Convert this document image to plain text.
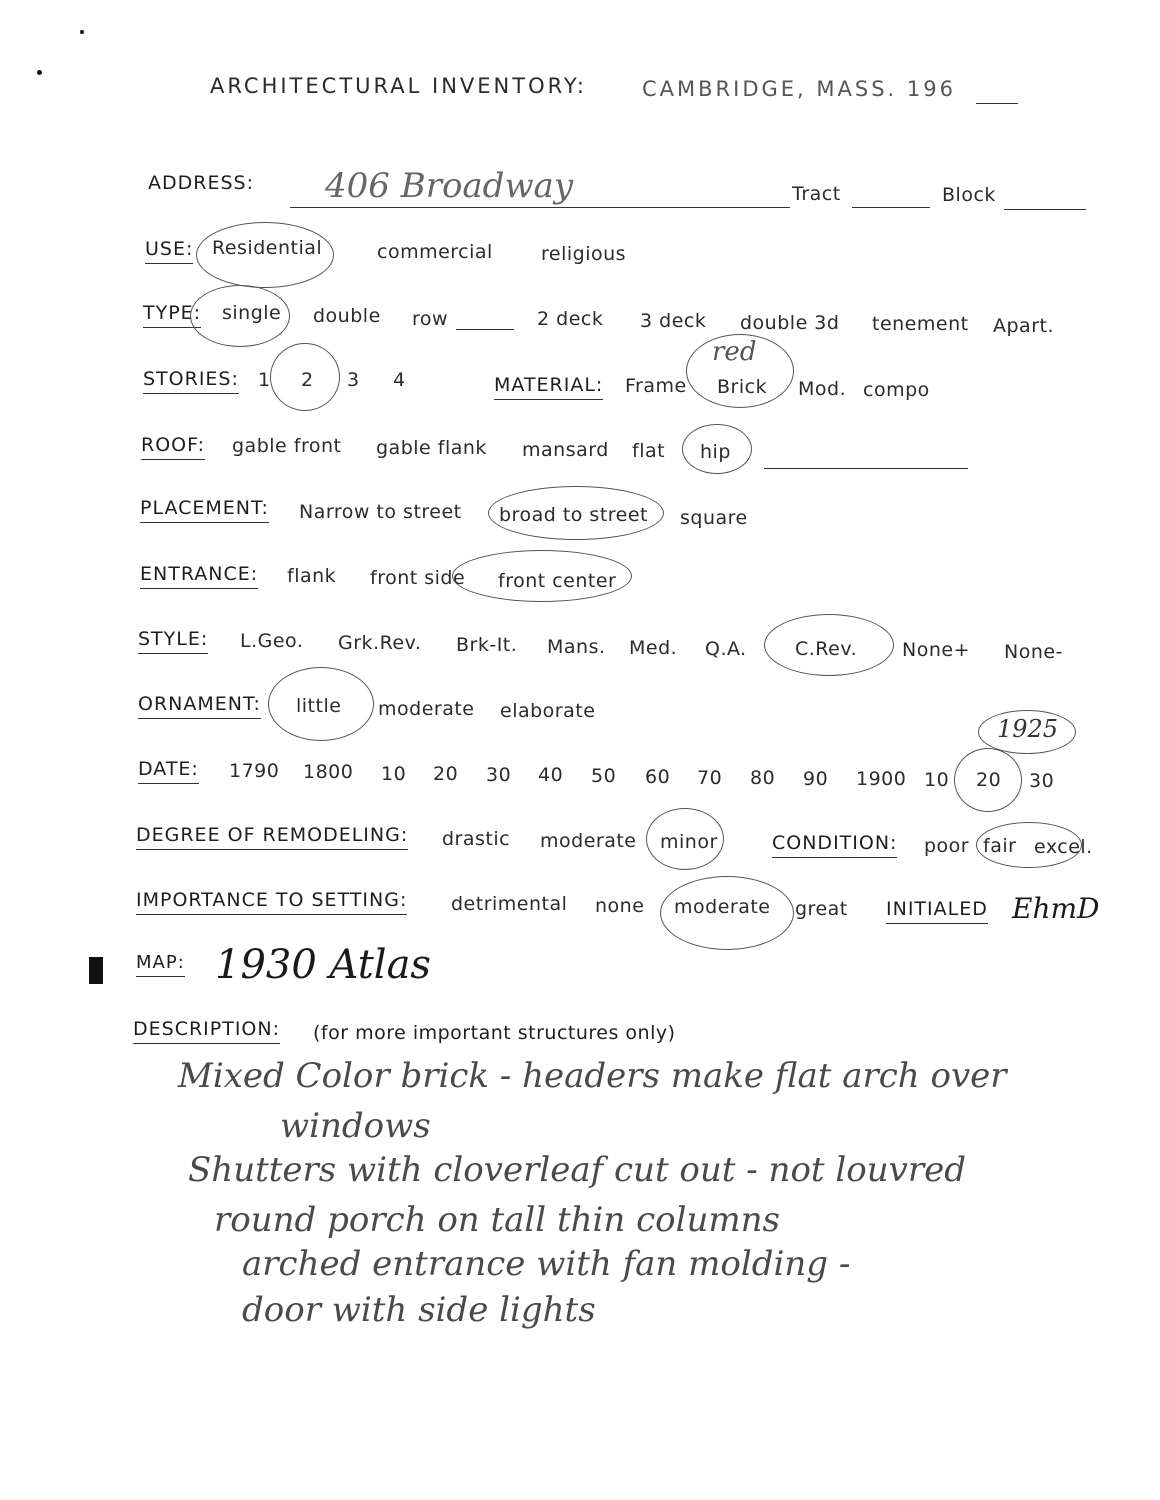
ARCHITECTURAL INVENTORY:	CAMBRIDGE, MASS. 196
ADDRESS: 406 Broadway	Tract	Block
USE: Residential	commercial	religious
TYPE: single double row	2 deck 3 deck double 3d tenement Apart.
STORIES: 1 2 3 4	MATERIAL: Frame Brick Mod. compo
red
ROOF: gable front gable flank mansard flat hip
PLACEMENT: Narrow to street broad to street square
ENTRANCE: flank front side front center
STYLE: L.Geo. Grk.Rev. Brk-It. Mans. Med. Q.A.	C.Rev. None+ None-
ORNAMENT: little moderate elaborate
DATE: 1790 1800 10 20 30 40 50 60 70 80 90 1900 10 20 30
1925
DEGREE OF REMODELING: drastic moderate minor	CONDITION: poor fair excel.
IMPORTANCE TO SETTING: detrimental none moderate great INITIALED EhmD
MAP: 1930 Atlas
DESCRIPTION: (for more important structures only)
Mixed Color brick - headers make flat arch over
windows
Shutters with cloverleaf cut out - not louvred
round porch on tall thin columns
arched entrance with fan molding -
door with side lights
